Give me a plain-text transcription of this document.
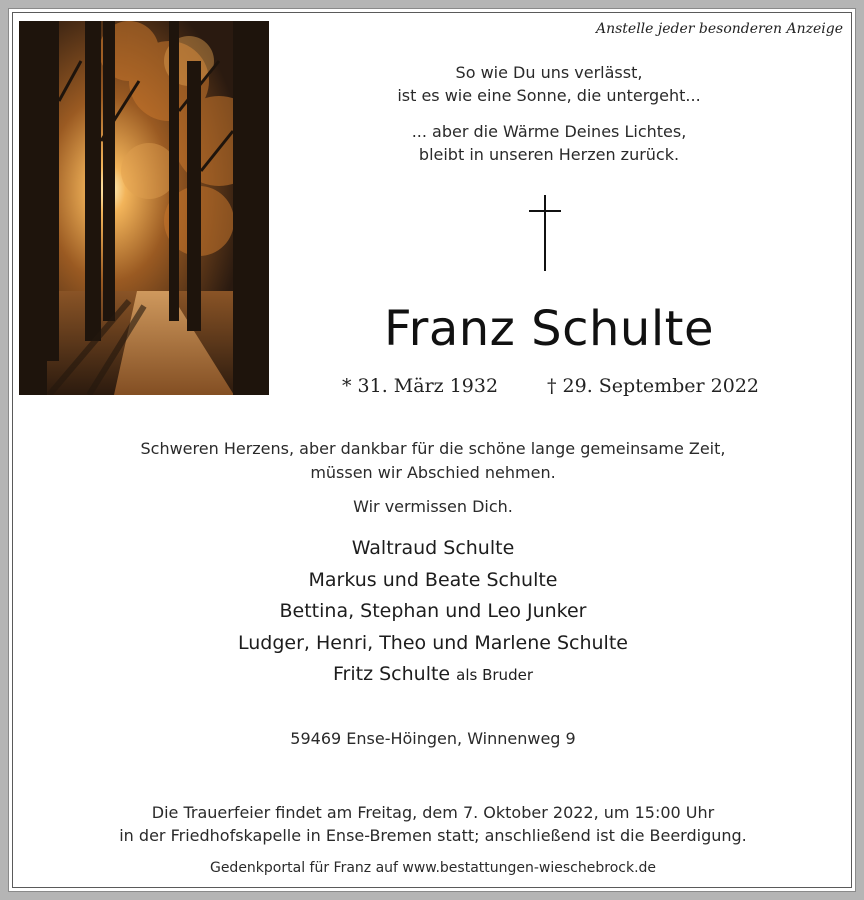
Anstelle jeder besonderen Anzeige
So wie Du uns verlässt,
ist es wie eine Sonne, die untergeht...
... aber die Wärme Deines Lichtes,
bleibt in unseren Herzen zurück.
Franz Schulte
* 31. März 1932	† 29. September 2022
Schweren Herzens, aber dankbar für die schöne lange gemeinsame Zeit,
müssen wir Abschied nehmen.
Wir vermissen Dich.
Waltraud Schulte
Markus und Beate Schulte
Bettina, Stephan und Leo Junker
Ludger, Henri, Theo und Marlene Schulte
Fritz Schulte als Bruder
59469 Ense-Höingen, Winnenweg 9
Die Trauerfeier findet am Freitag, dem 7. Oktober 2022, um 15:00 Uhr
in der Friedhofskapelle in Ense-Bremen statt; anschließend ist die Beerdigung.
Gedenkportal für Franz auf www.bestattungen-wieschebrock.de
